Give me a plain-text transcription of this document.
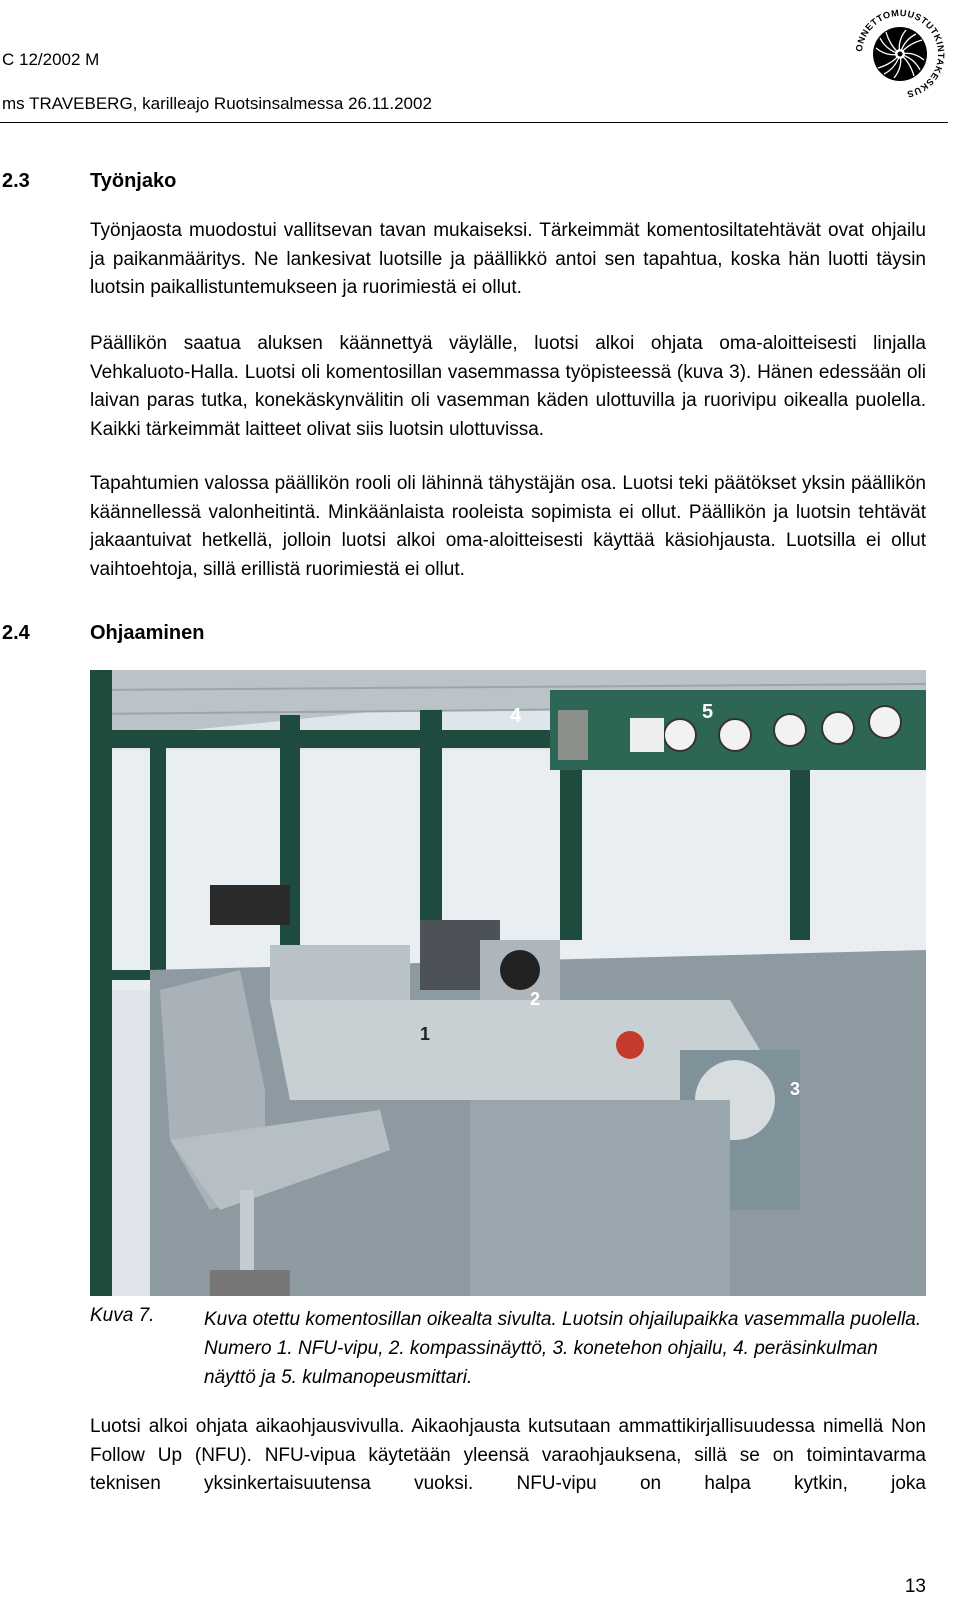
C 12/2002 M
ms TRAVEBERG, karilleajo Ruotsinsalmessa 26.11.2002
ONNETTOMUUSTUTKINTAKESKUS
2.3	Työnjako
Työnjaosta muodostui vallitsevan tavan mukaiseksi. Tärkeimmät komentosiltatehtävät ovat ohjailu ja paikanmääritys. Ne lankesivat luotsille ja päällikkö antoi sen tapahtua, koska hän luotti täysin luotsin paikallistuntemukseen ja ruorimiestä ei ollut.
Päällikön saatua aluksen käännettyä väylälle, luotsi alkoi ohjata oma-aloitteisesti linjalla Vehkaluoto-Halla. Luotsi oli komentosillan vasemmassa työpisteessä (kuva 3). Hänen edessään oli laivan paras tutka, konekäskynvälitin oli vasemman käden ulottuvilla ja ruorivipu oikealla puolella. Kaikki tärkeimmät laitteet olivat siis luotsin ulottuvissa.
Tapahtumien valossa päällikön rooli oli lähinnä tähystäjän osa. Luotsi teki päätökset yksin päällikön käännellessä valonheitintä. Minkäänlaista rooleista sopimista ei ollut. Päällikön ja luotsin tehtävät jakaantuivat hetkellä, jolloin luotsi alkoi oma-aloitteisesti käyttää käsiohjausta. Luotsilla ei ollut vaihtoehtoja, sillä erillistä ruorimiestä ei ollut.
2.4	Ohjaaminen
5
4
2
1
3
Kuva 7.	Kuva otettu komentosillan oikealta sivulta. Luotsin ohjailupaikka vasemmalla puolella. Numero 1. NFU-vipu, 2. kompassinäyttö, 3. konetehon ohjailu, 4. peräsinkulman näyttö ja 5. kulmanopeusmittari.
Luotsi alkoi ohjata aikaohjausvivulla. Aikaohjausta kutsutaan ammattikirjallisuudessa nimellä Non Follow Up (NFU). NFU-vipua käytetään yleensä varaohjauksena, sillä se on toimintavarma teknisen yksinkertaisuutensa vuoksi. NFU-vipu on halpa kytkin, joka
13
